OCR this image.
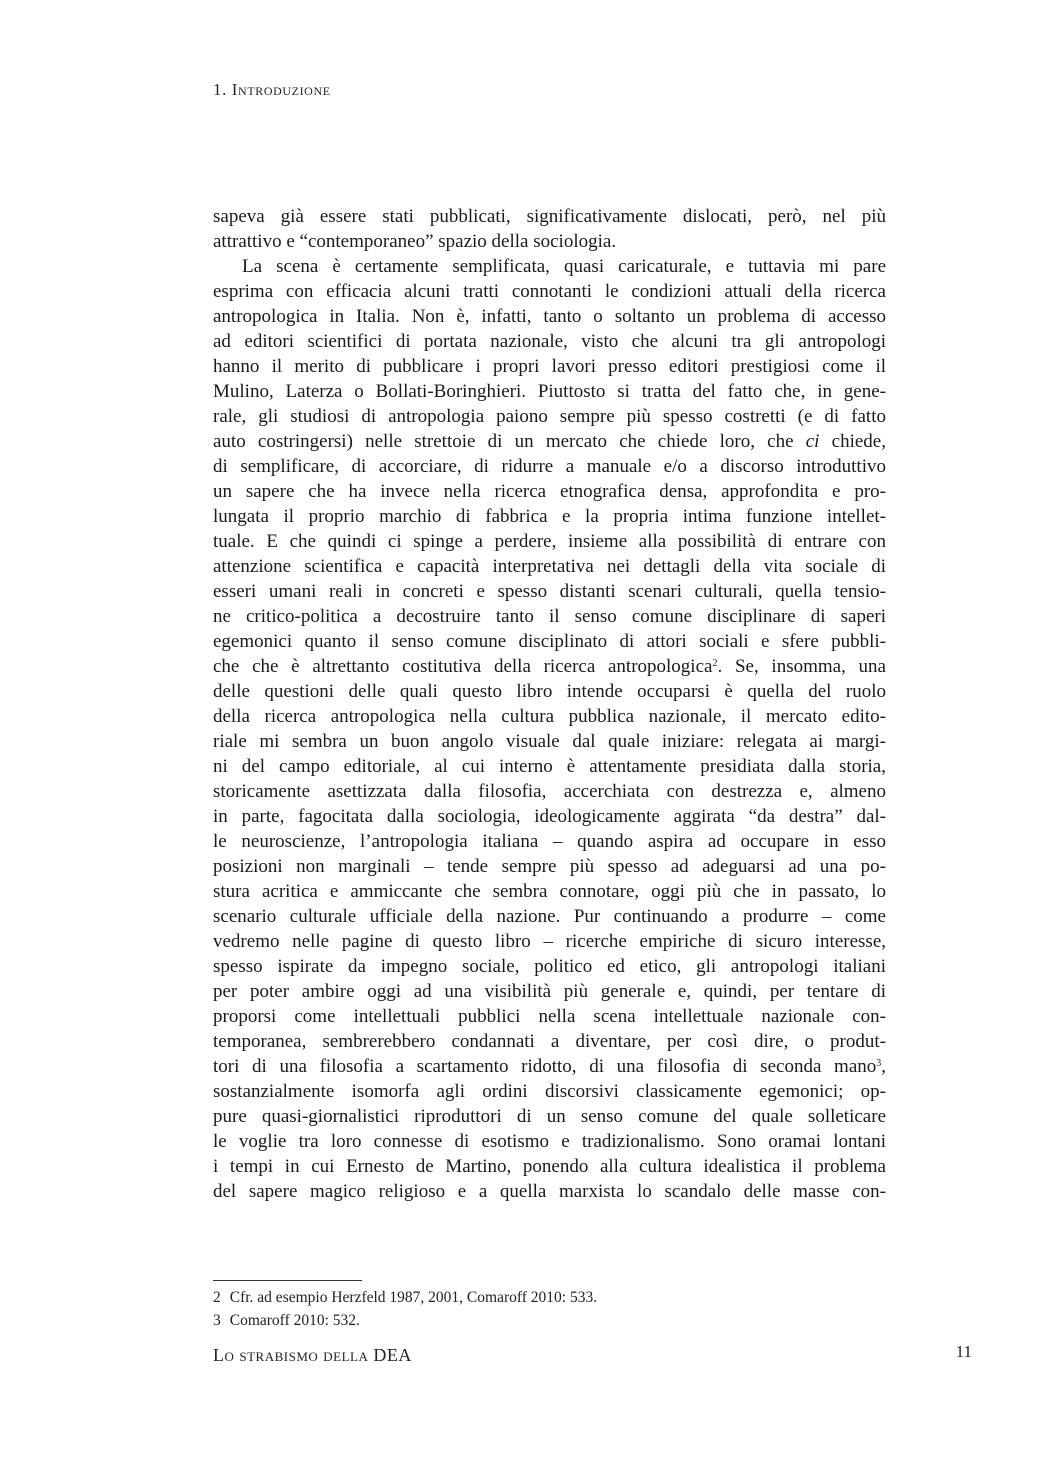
1. Introduzione
sapeva già essere stati pubblicati, significativamente dislocati, però, nel più
attrattivo e “contemporaneo” spazio della sociologia.
La scena è certamente semplificata, quasi caricaturale, e tuttavia mi pare
esprima con efficacia alcuni tratti connotanti le condizioni attuali della ricerca
antropologica in Italia. Non è, infatti, tanto o soltanto un problema di accesso
ad editori scientifici di portata nazionale, visto che alcuni tra gli antropologi
hanno il merito di pubblicare i propri lavori presso editori prestigiosi come il
Mulino, Laterza o Bollati-Boringhieri. Piuttosto si tratta del fatto che, in gene-
rale, gli studiosi di antropologia paiono sempre più spesso costretti (e di fatto
auto costringersi) nelle strettoie di un mercato che chiede loro, che ci chiede,
di semplificare, di accorciare, di ridurre a manuale e/o a discorso introduttivo
un sapere che ha invece nella ricerca etnografica densa, approfondita e pro-
lungata il proprio marchio di fabbrica e la propria intima funzione intellet-
tuale. E che quindi ci spinge a perdere, insieme alla possibilità di entrare con
attenzione scientifica e capacità interpretativa nei dettagli della vita sociale di
esseri umani reali in concreti e spesso distanti scenari culturali, quella tensio-
ne critico-politica a decostruire tanto il senso comune disciplinare di saperi
egemonici quanto il senso comune disciplinato di attori sociali e sfere pubbli-
che che è altrettanto costitutiva della ricerca antropologica$^2$. Se, insomma, una
delle questioni delle quali questo libro intende occuparsi è quella del ruolo
della ricerca antropologica nella cultura pubblica nazionale, il mercato edito-
riale mi sembra un buon angolo visuale dal quale iniziare: relegata ai margi-
ni del campo editoriale, al cui interno è attentamente presidiata dalla storia,
storicamente asettizzata dalla filosofia, accerchiata con destrezza e, almeno
in parte, fagocitata dalla sociologia, ideologicamente aggirata “da destra” dal-
le neuroscienze, l’antropologia italiana – quando aspira ad occupare in esso
posizioni non marginali – tende sempre più spesso ad adeguarsi ad una po-
stura acritica e ammiccante che sembra connotare, oggi più che in passato, lo
scenario culturale ufficiale della nazione. Pur continuando a produrre – come
vedremo nelle pagine di questo libro – ricerche empiriche di sicuro interesse,
spesso ispirate da impegno sociale, politico ed etico, gli antropologi italiani
per poter ambire oggi ad una visibilità più generale e, quindi, per tentare di
proporsi come intellettuali pubblici nella scena intellettuale nazionale con-
temporanea, sembrerebbero condannati a diventare, per così dire, o produt-
tori di una filosofia a scartamento ridotto, di una filosofia di seconda mano$^3$,
sostanzialmente isomorfa agli ordini discorsivi classicamente egemonici; op-
pure quasi-giornalistici riproduttori di un senso comune del quale solleticare
le voglie tra loro connesse di esotismo e tradizionalismo. Sono oramai lontani
i tempi in cui Ernesto de Martino, ponendo alla cultura idealistica il problema
del sapere magico religioso e a quella marxista lo scandalo delle masse con-
2 Cfr. ad esempio Herzfeld 1987, 2001, Comaroff 2010: 533.
3 Comaroff 2010: 532.
Lo strabismo della DEA	11
